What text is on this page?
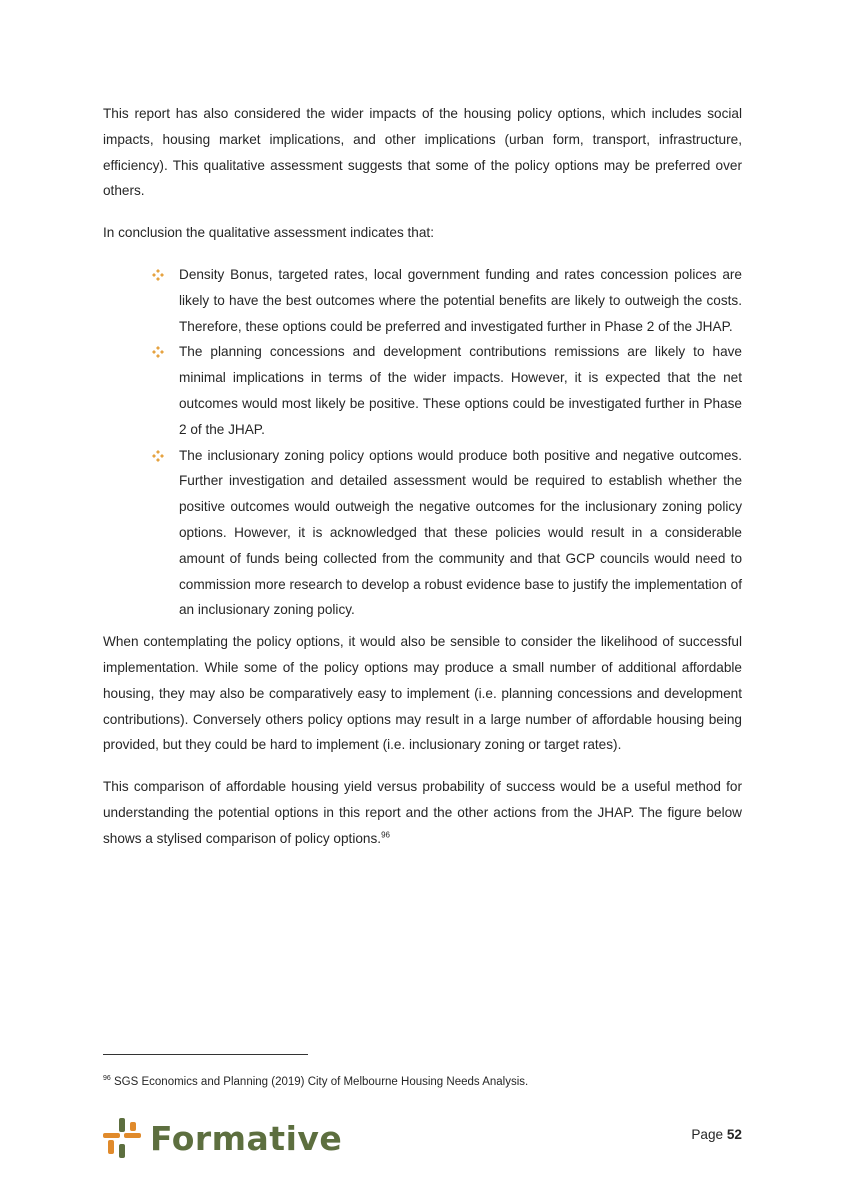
This report has also considered the wider impacts of the housing policy options, which includes social impacts, housing market implications, and other implications (urban form, transport, infrastructure, efficiency). This qualitative assessment suggests that some of the policy options may be preferred over others.

In conclusion the qualitative assessment indicates that:

Density Bonus, targeted rates, local government funding and rates concession polices are likely to have the best outcomes where the potential benefits are likely to outweigh the costs. Therefore, these options could be preferred and investigated further in Phase 2 of the JHAP.
The planning concessions and development contributions remissions are likely to have minimal implications in terms of the wider impacts. However, it is expected that the net outcomes would most likely be positive. These options could be investigated further in Phase 2 of the JHAP.
The inclusionary zoning policy options would produce both positive and negative outcomes. Further investigation and detailed assessment would be required to establish whether the positive outcomes would outweigh the negative outcomes for the inclusionary zoning policy options. However, it is acknowledged that these policies would result in a considerable amount of funds being collected from the community and that GCP councils would need to commission more research to develop a robust evidence base to justify the implementation of an inclusionary zoning policy.

When contemplating the policy options, it would also be sensible to consider the likelihood of successful implementation. While some of the policy options may produce a small number of additional affordable housing, they may also be comparatively easy to implement (i.e. planning concessions and development contributions). Conversely others policy options may result in a large number of affordable housing being provided, but they could be hard to implement (i.e. inclusionary zoning or target rates).

This comparison of affordable housing yield versus probability of success would be a useful method for understanding the potential options in this report and the other actions from the JHAP. The figure below shows a stylised comparison of policy options.$^{96}$

$^{96}$ SGS Economics and Planning (2019) City of Melbourne Housing Needs Analysis.
Formative	Page 52
